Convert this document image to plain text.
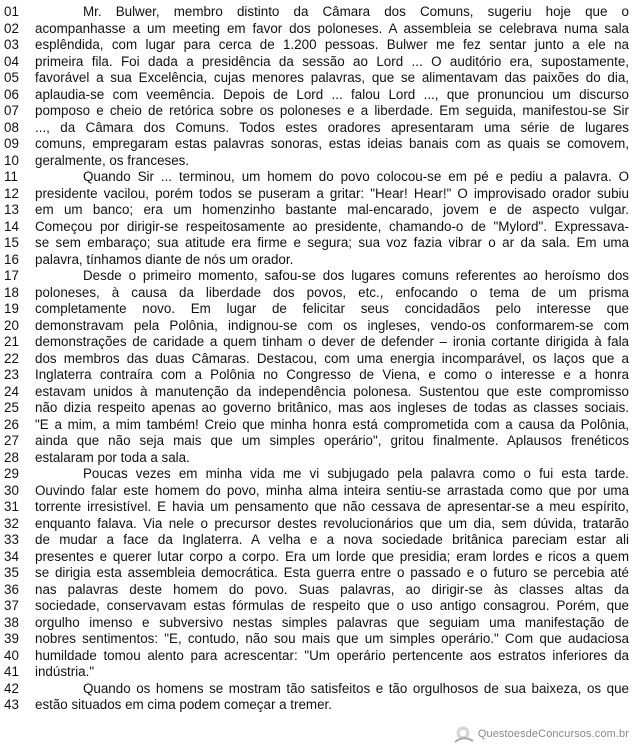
01	Mr. Bulwer, membro distinto da Câmara dos Comuns, sugeriu hoje que o
02	acompanhasse a um meeting em favor dos poloneses. A assembleia se celebrava numa sala
03	esplêndida, com lugar para cerca de 1.200 pessoas. Bulwer me fez sentar junto a ele na
04	primeira fila. Foi dada a presidência da sessão ao Lord ... O auditório era, supostamente,
05	favorável a sua Excelência, cujas menores palavras, que se alimentavam das paixões do dia,
06	aplaudia-se com veemência. Depois de Lord ... falou Lord ..., que pronunciou um discurso
07	pomposo e cheio de retórica sobre os poloneses e a liberdade. Em seguida, manifestou-se Sir
08	..., da Câmara dos Comuns. Todos estes oradores apresentaram uma série de lugares
09	comuns, empregaram estas palavras sonoras, estas ideias banais com as quais se comovem,
10	geralmente, os franceses.
11	Quando Sir ... terminou, um homem do povo colocou-se em pé e pediu a palavra. O
12	presidente vacilou, porém todos se puseram a gritar: "Hear! Hear!" O improvisado orador subiu
13	em um banco; era um homenzinho bastante mal-encarado, jovem e de aspecto vulgar.
14	Começou por dirigir-se respeitosamente ao presidente, chamando-o de "Mylord". Expressava-
15	se sem embaraço; sua atitude era firme e segura; sua voz fazia vibrar o ar da sala. Em uma
16	palavra, tínhamos diante de nós um orador.
17	Desde o primeiro momento, safou-se dos lugares comuns referentes ao heroísmo dos
18	poloneses, à causa da liberdade dos povos, etc., enfocando o tema de um prisma
19	completamente novo. Em lugar de felicitar seus concidadãos pelo interesse que
20	demonstravam pela Polônia, indignou-se com os ingleses, vendo-os conformarem-se com
21	demonstrações de caridade a quem tinham o dever de defender – ironia cortante dirigida à fala
22	dos membros das duas Câmaras. Destacou, com uma energia incomparável, os laços que a
23	Inglaterra contraíra com a Polônia no Congresso de Viena, e como o interesse e a honra
24	estavam unidos à manutenção da independência polonesa. Sustentou que este compromisso
25	não dizia respeito apenas ao governo britânico, mas aos ingleses de todas as classes sociais.
26	"E a mim, a mim também! Creio que minha honra está comprometida com a causa da Polônia,
27	ainda que não seja mais que um simples operário", gritou finalmente. Aplausos frenéticos
28	estalaram por toda a sala.
29	Poucas vezes em minha vida me vi subjugado pela palavra como o fui esta tarde.
30	Ouvindo falar este homem do povo, minha alma inteira sentiu-se arrastada como que por uma
31	torrente irresistível. E havia um pensamento que não cessava de apresentar-se a meu espírito,
32	enquanto falava. Via nele o precursor destes revolucionários que um dia, sem dúvida, tratarão
33	de mudar a face da Inglaterra. A velha e a nova sociedade britânica pareciam estar ali
34	presentes e querer lutar corpo a corpo. Era um lorde que presidia; eram lordes e ricos a quem
35	se dirigia esta assembleia democrática. Esta guerra entre o passado e o futuro se percebia até
36	nas palavras deste homem do povo. Suas palavras, ao dirigir-se às classes altas da
37	sociedade, conservavam estas fórmulas de respeito que o uso antigo consagrou. Porém, que
38	orgulho imenso e subversivo nestas simples palavras que seguiam uma manifestação de
39	nobres sentimentos: "E, contudo, não sou mais que um simples operário." Com que audaciosa
40	humildade tomou alento para acrescentar: "Um operário pertencente aos estratos inferiores da
41	indústria."
42	Quando os homens se mostram tão satisfeitos e tão orgulhosos de sua baixeza, os que
43	estão situados em cima podem começar a tremer.
QuestoesdeConcursos.com.br
